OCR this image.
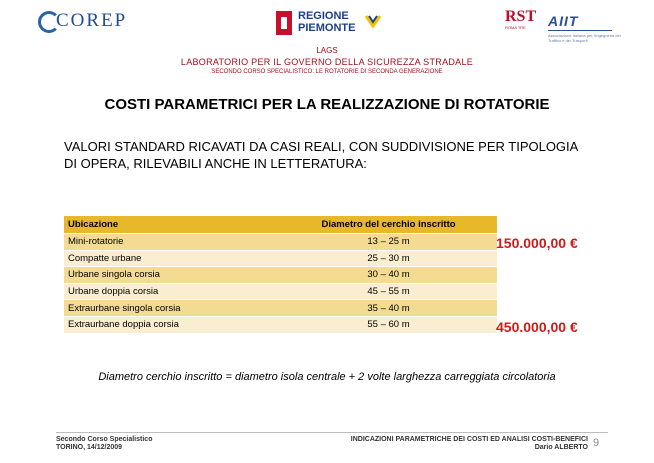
COREP	REGIONE
PIEMONTE
RST
ROMA TRE AIIT
Associazione Italiana per l'Ingegneria del Traffico e dei Trasporti
LAGS
LABORATORIO PER IL GOVERNO DELLA SICUREZZA STRADALE
SECONDO CORSO SPECIALISTICO: LE ROTATORIE DI SECONDA GENERAZIONE
COSTI PARAMETRICI PER LA REALIZZAZIONE DI ROTATORIE
VALORI STANDARD RICAVATI DA CASI REALI, CON SUDDIVISIONE PER TIPOLOGIA DI OPERA, RILEVABILI ANCHE IN LETTERATURA:
Ubicazione	Diametro del cerchio inscritto
Mini-rotatorie	13 – 25 m
Compatte urbane	25 – 30 m
Urbane singola corsia	30 – 40 m
Urbane doppia corsia	45 – 55 m
Extraurbane singola corsia	35 – 40 m
Extraurbane doppia corsia	55 – 60 m
150.000,00 €
450.000,00 €
Diametro cerchio inscritto = diametro isola centrale + 2 volte larghezza carreggiata circolatoria
Secondo Corso Specialistico
TORINO, 14/12/2009
INDICAZIONI PARAMETRICHE DEI COSTI ED ANALISI COSTI-BENEFICI
Dario ALBERTO 9
